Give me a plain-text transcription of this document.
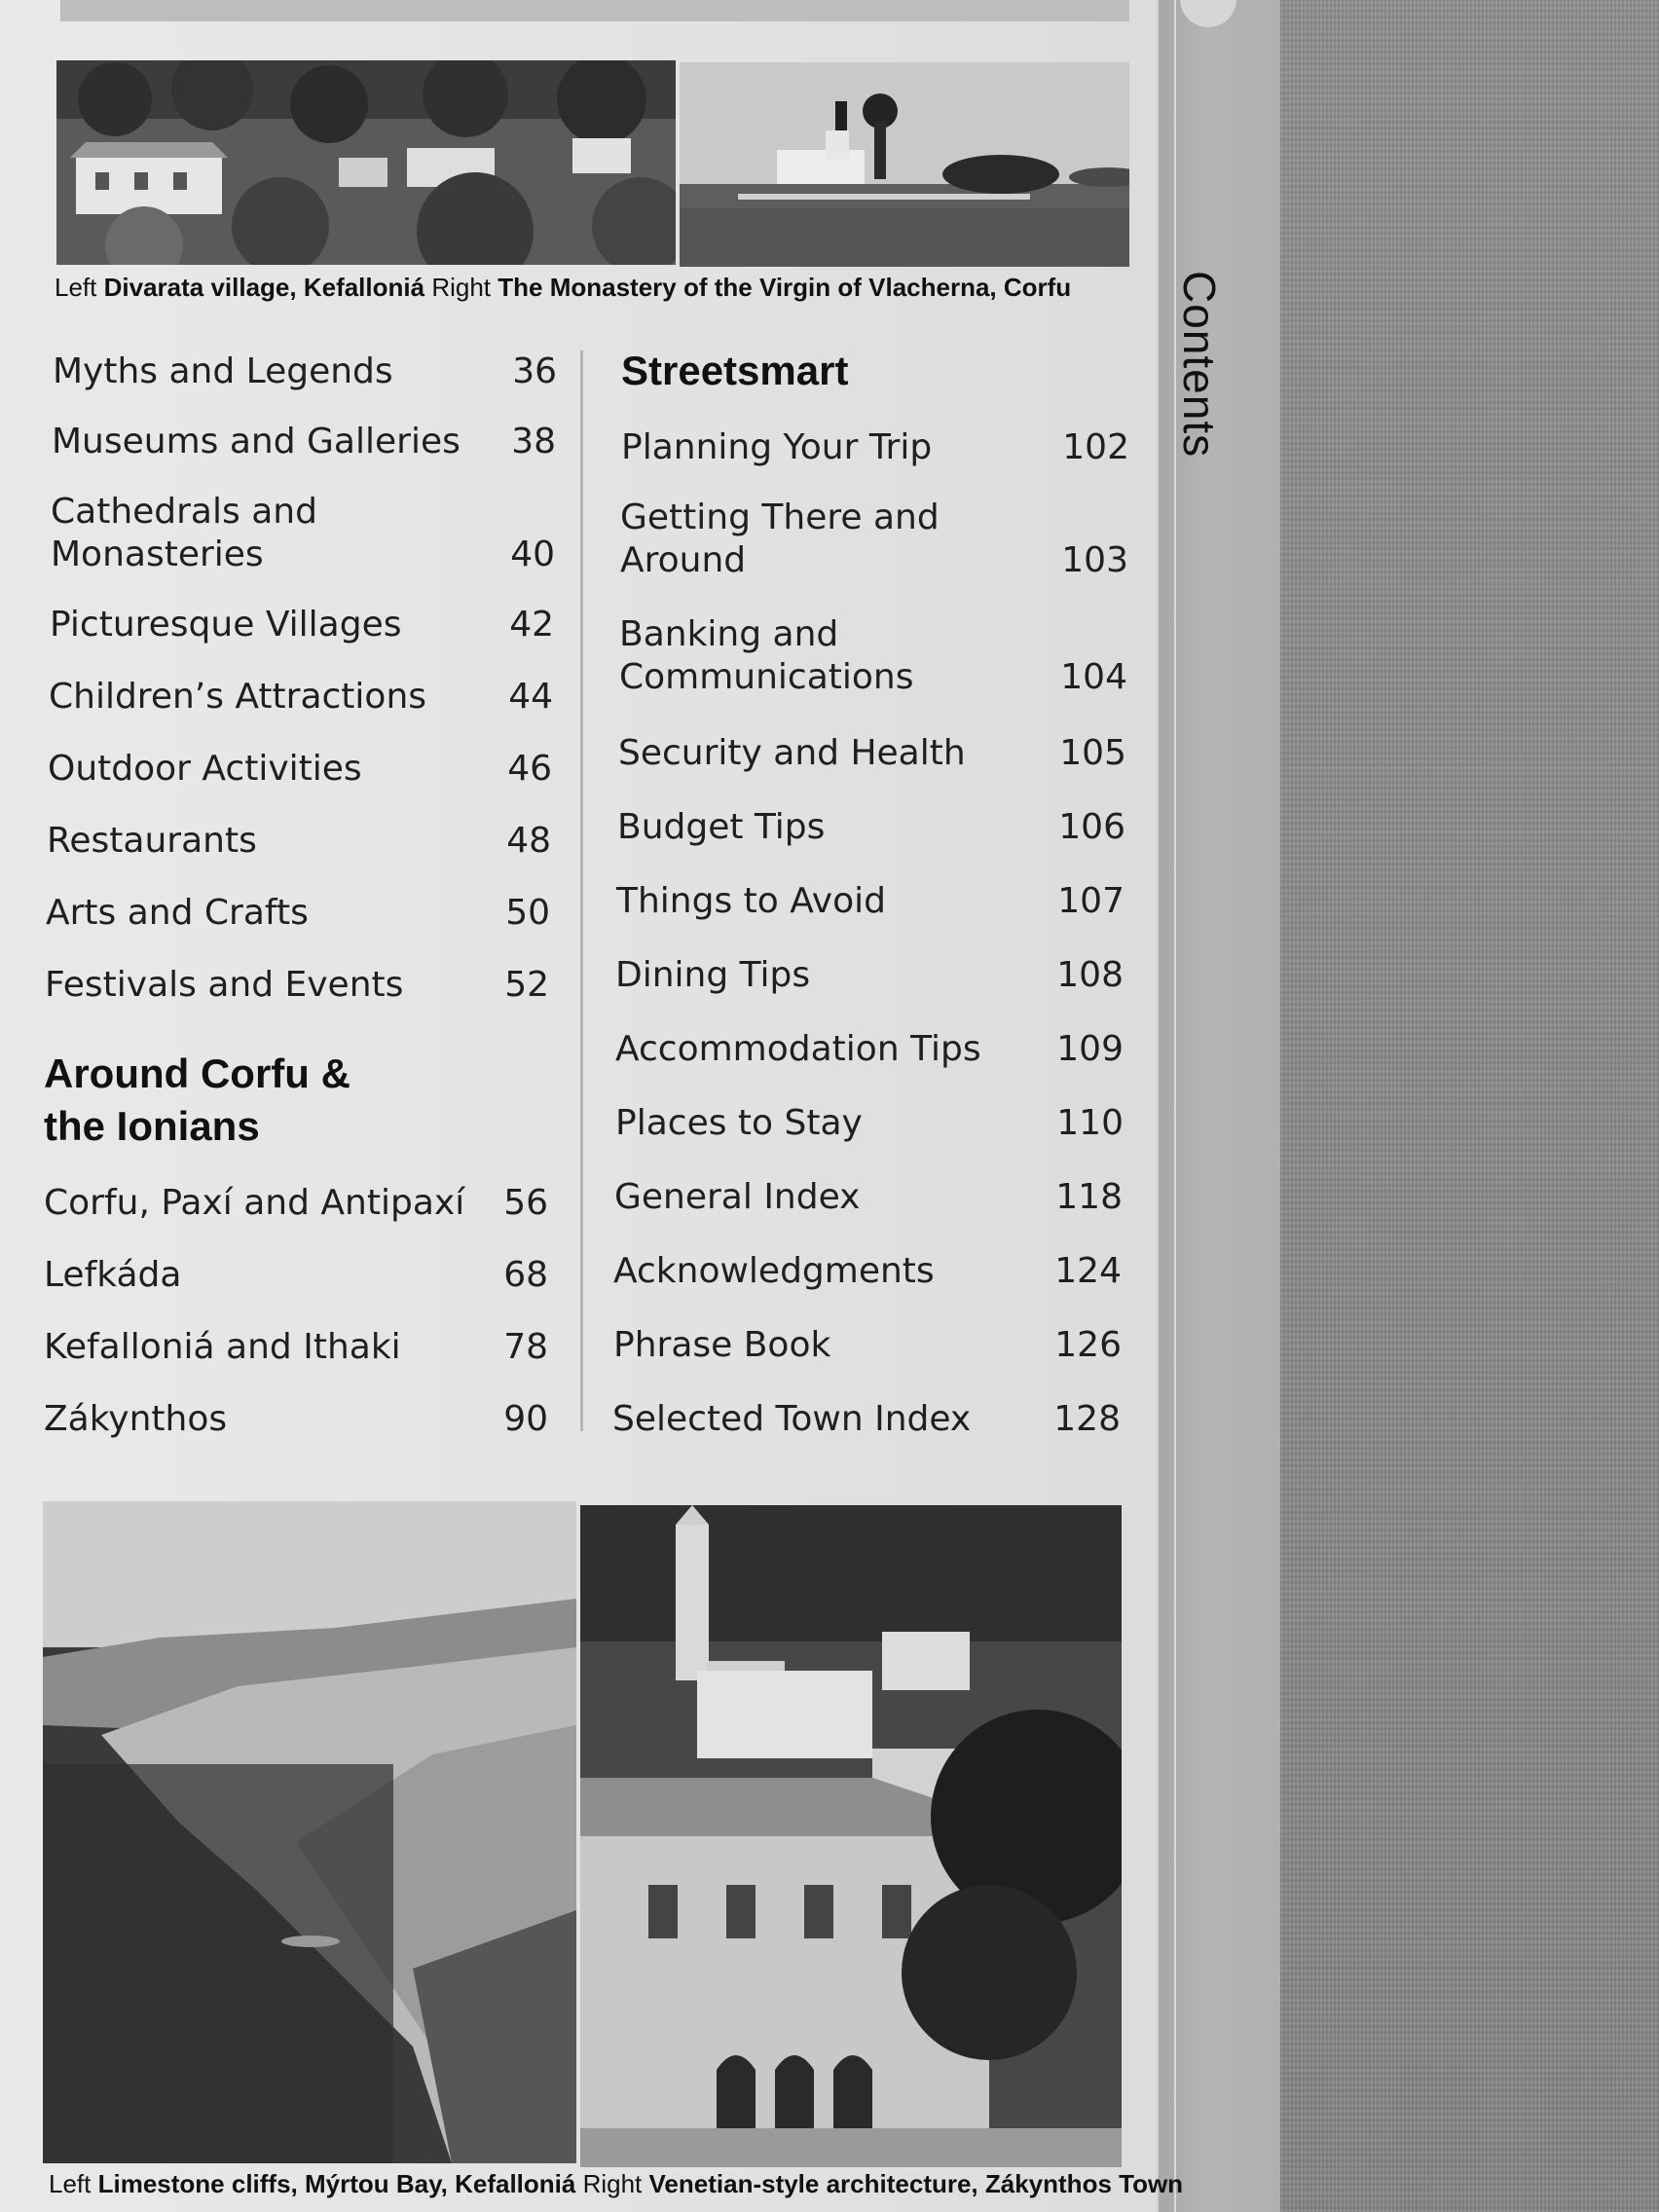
Contents
Left Divarata village, Kefalloniá Right The Monastery of the Virgin of Vlacherna, Corfu
Myths and Legends	36
Museums and Galleries 38
Cathedrals and
Monasteries	40
Picturesque Villages	42
Children’s Attractions 44
Outdoor Activities	46
Restaurants	48
Arts and Crafts	50
Festivals and Events	52
Around Corfu &
the Ionians
Corfu, Paxí and Antipaxí 56
Lefkáda	68
Kefalloniá and Ithaki	78
Zákynthos	90
Streetsmart
Planning Your Trip	102
Getting There and
Around	103
Banking and
Communications	104
Security and Health	105
Budget Tips	106
Things to Avoid	107
Dining Tips	108
Accommodation Tips 109
Places to Stay	110
General Index	118
Acknowledgments	124
Phrase Book	126
Selected Town Index 128
Left Limestone cliffs, Mýrtou Bay, Kefalloniá Right Venetian-style architecture, Zákynthos Town
